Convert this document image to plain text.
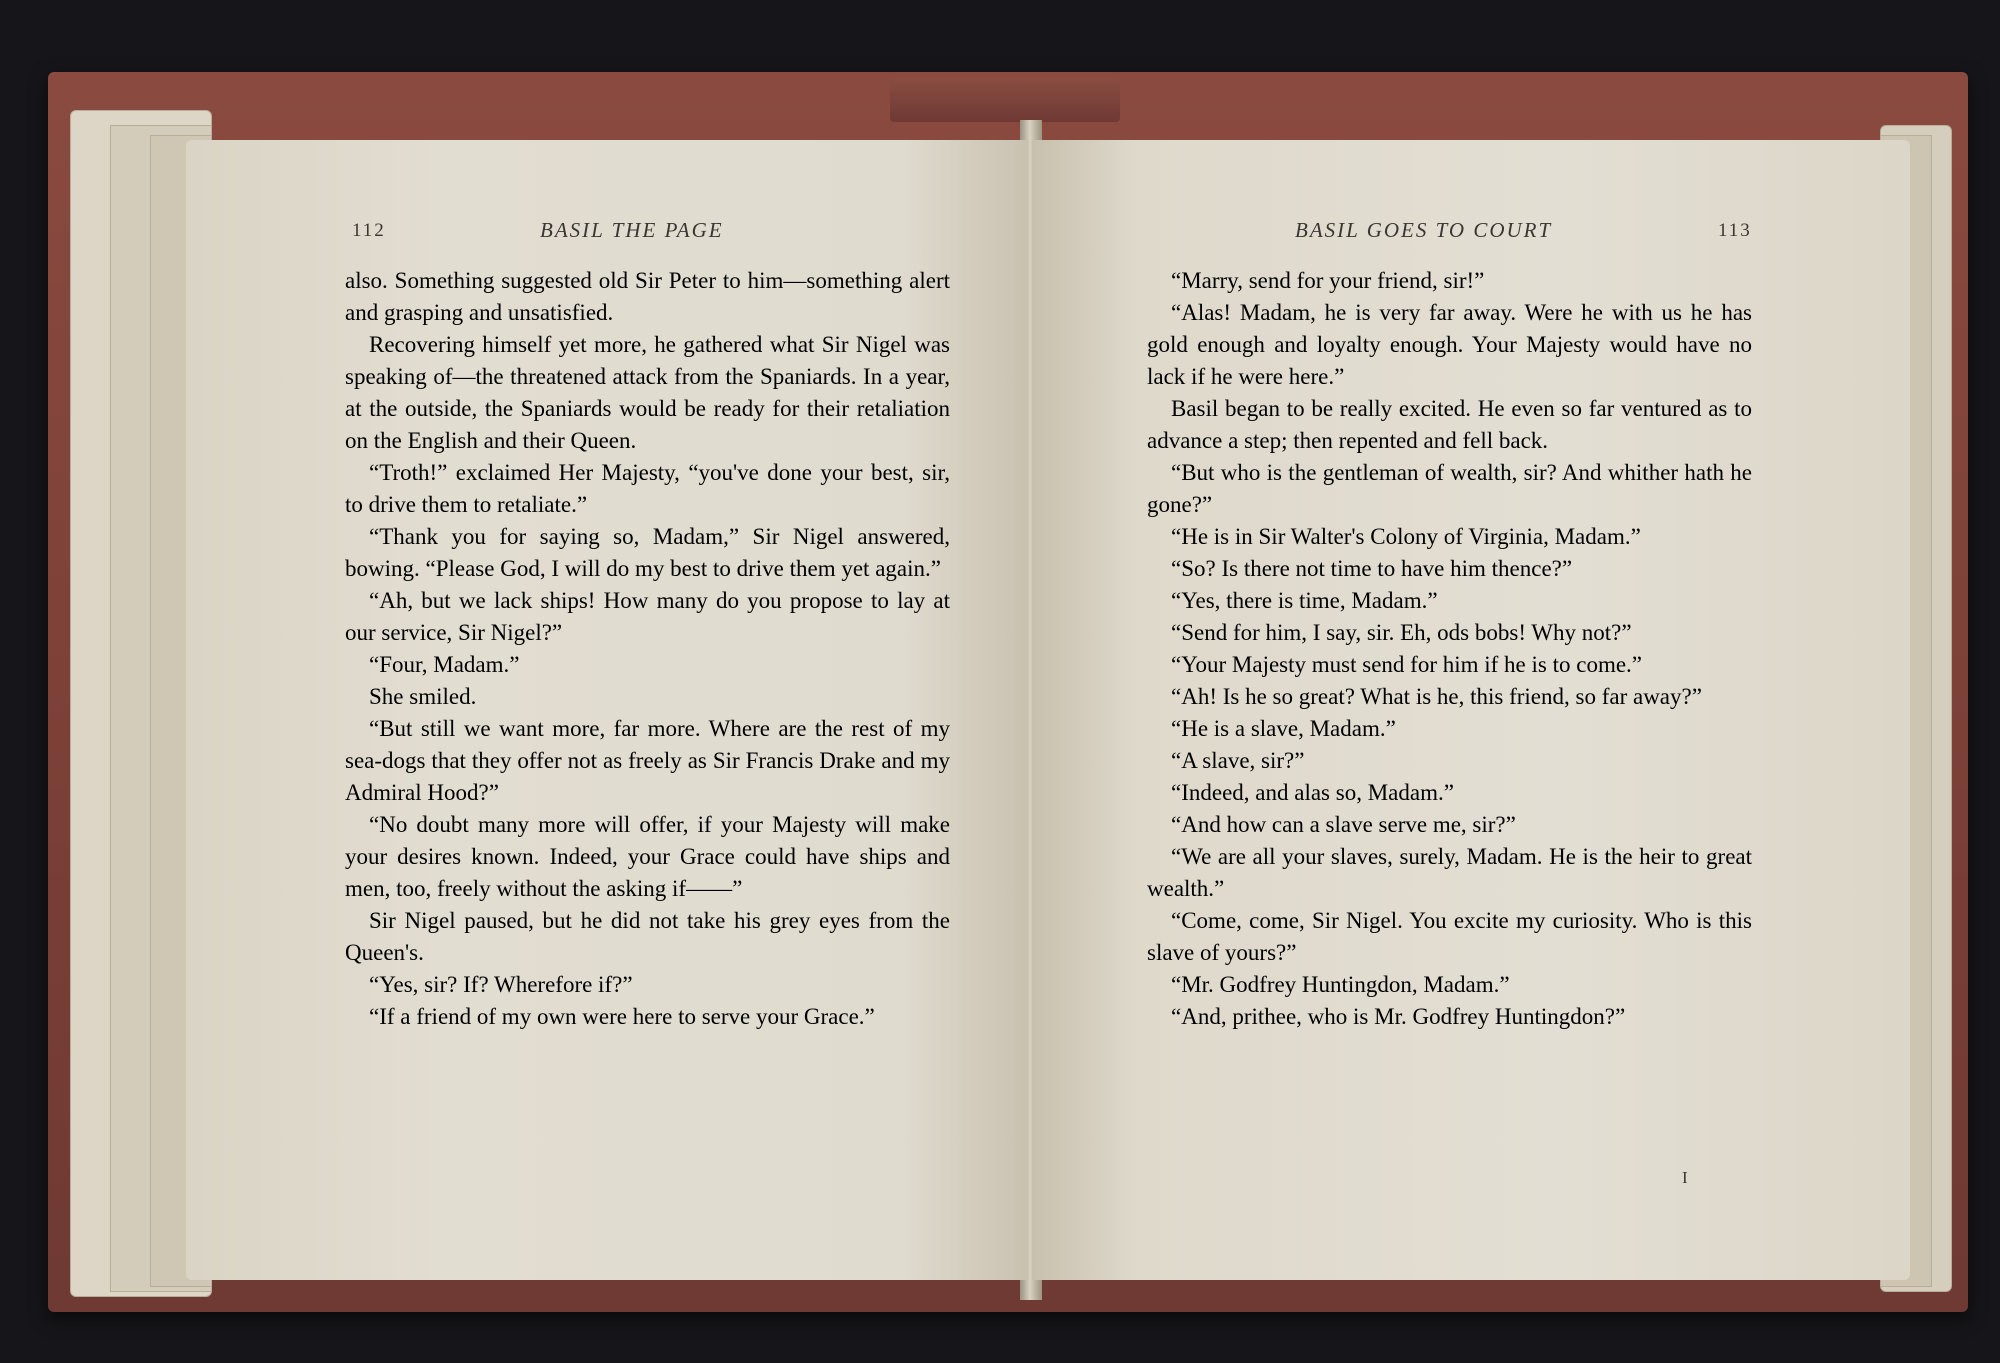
112	BASIL THE PAGE

also. Something suggested old Sir Peter to him—something alert and grasping and unsatisfied.

Recovering himself yet more, he gathered what Sir Nigel was speaking of—the threatened attack from the Spaniards. In a year, at the outside, the Spaniards would be ready for their retaliation on the English and their Queen.

“Troth!” exclaimed Her Majesty, “you've done your best, sir, to drive them to retaliate.”

“Thank you for saying so, Madam,” Sir Nigel answered, bowing. “Please God, I will do my best to drive them yet again.”

“Ah, but we lack ships! How many do you propose to lay at our service, Sir Nigel?”

“Four, Madam.”

She smiled.

“But still we want more, far more. Where are the rest of my sea-dogs that they offer not as freely as Sir Francis Drake and my Admiral Hood?”

“No doubt many more will offer, if your Majesty will make your desires known. Indeed, your Grace could have ships and men, too, freely without the asking if——”

Sir Nigel paused, but he did not take his grey eyes from the Queen's.

“Yes, sir? If? Wherefore if?”

“If a friend of my own were here to serve your Grace.”

BASIL GOES TO COURT	113

“Marry, send for your friend, sir!”

“Alas! Madam, he is very far away. Were he with us he has gold enough and loyalty enough. Your Majesty would have no lack if he were here.”

Basil began to be really excited. He even so far ventured as to advance a step; then repented and fell back.

“But who is the gentleman of wealth, sir? And whither hath he gone?”

“He is in Sir Walter's Colony of Virginia, Madam.”

“So? Is there not time to have him thence?”

“Yes, there is time, Madam.”

“Send for him, I say, sir. Eh, ods bobs! Why not?”

“Your Majesty must send for him if he is to come.”

“Ah! Is he so great? What is he, this friend, so far away?”

“He is a slave, Madam.”

“A slave, sir?”

“Indeed, and alas so, Madam.”

“And how can a slave serve me, sir?”

“We are all your slaves, surely, Madam. He is the heir to great wealth.”

“Come, come, Sir Nigel. You excite my curiosity. Who is this slave of yours?”

“Mr. Godfrey Huntingdon, Madam.”

“And, prithee, who is Mr. Godfrey Huntingdon?”

I
